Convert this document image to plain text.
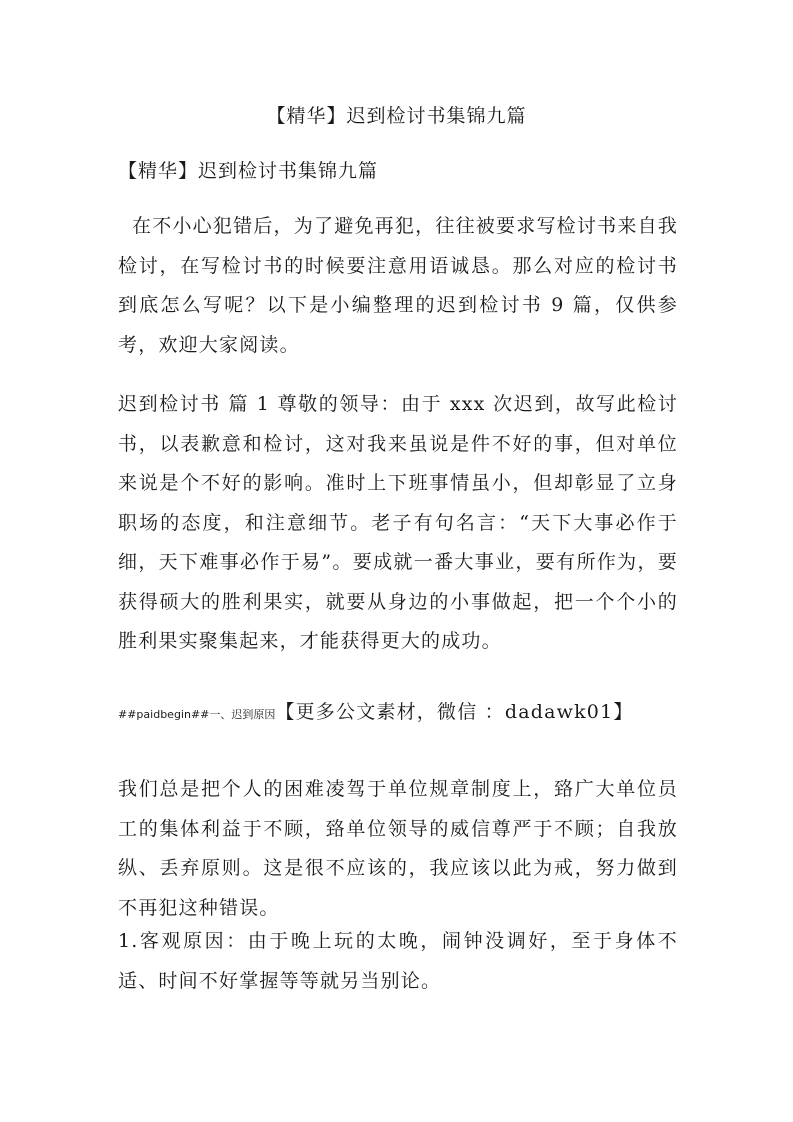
【精华】迟到检讨书集锦九篇
【精华】迟到检讨书集锦九篇

在不小心犯错后，为了避免再犯，往往被要求写检讨书来自我检讨，在写检讨书的时候要注意用语诚恳。那么对应的检讨书到底怎么写呢？以下是小编整理的迟到检讨书 9 篇，仅供参考，欢迎大家阅读。

迟到检讨书 篇 1 尊敬的领导：由于 xxx 次迟到，故写此检讨书，以表歉意和检讨，这对我来虽说是件不好的事，但对单位来说是个不好的影响。准时上下班事情虽小，但却彰显了立身职场的态度，和注意细节。老子有句名言：“天下大事必作于细，天下难事必作于易”。要成就一番大事业，要有所作为，要获得硕大的胜利果实，就要从身边的小事做起，把一个个小的胜利果实聚集起来，才能获得更大的成功。

##paidbegin##一、迟到原因【更多公文素材，微信 ：dadawk01】

我们总是把个人的困难凌驾于单位规章制度上，臵广大单位员工的集体利益于不顾，臵单位领导的威信尊严于不顾；自我放纵、丢弃原则。这是很不应该的，我应该以此为戒，努力做到不再犯这种错误。

1.客观原因：由于晚上玩的太晚，闹钟没调好，至于身体不适、时间不好掌握等等就另当别论。
